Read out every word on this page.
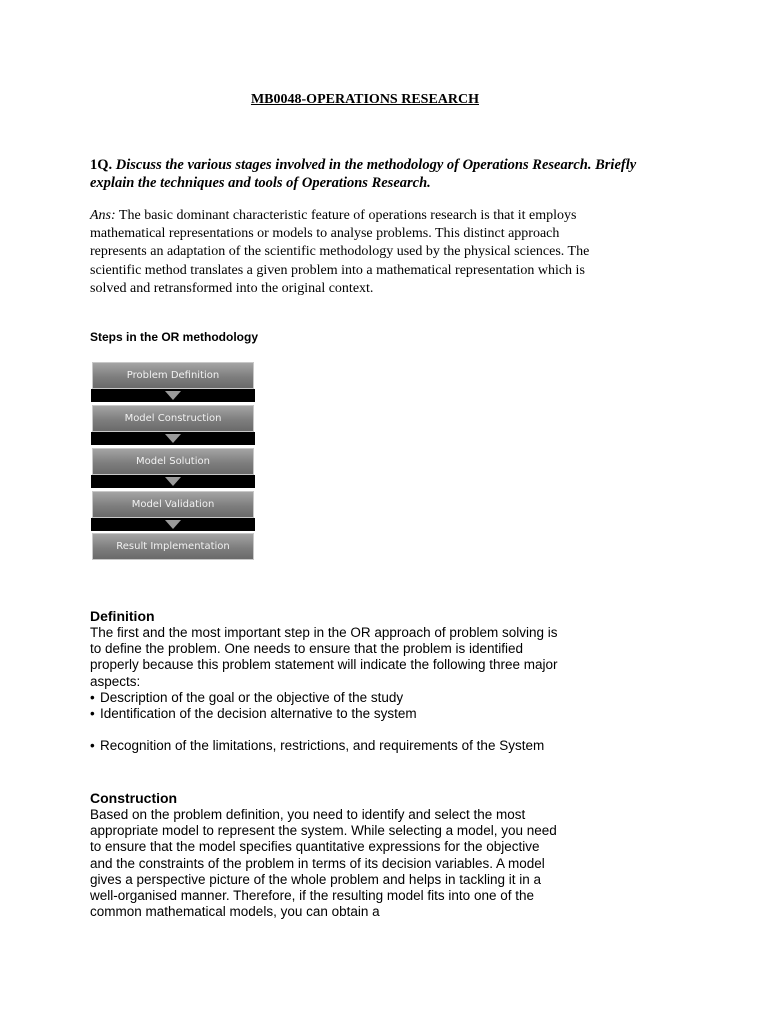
MB0048-OPERATIONS RESEARCH
1Q. Discuss the various stages involved in the methodology of Operations Research. Briefly explain the techniques and tools of Operations Research.
Ans: The basic dominant characteristic feature of operations research is that it employs mathematical representations or models to analyse problems. This distinct approach represents an adaptation of the scientific methodology used by the physical sciences. The scientific method translates a given problem into a mathematical representation which is solved and retransformed into the original context.
Steps in the OR methodology
Problem Definition
Model Construction
Model Solution
Model Validation
Result Implementation
Definition

The first and the most important step in the OR approach of problem solving is to define the problem. One needs to ensure that the problem is identified properly because this problem statement will indicate the following three major aspects:

• Description of the goal or the objective of the study
• Identification of the decision alternative to the system
• Recognition of the limitations, restrictions, and requirements of the System
Construction

Based on the problem definition, you need to identify and select the most appropriate model to represent the system. While selecting a model, you need to ensure that the model specifies quantitative expressions for the objective and the constraints of the problem in terms of its decision variables. A model gives a perspective picture of the whole problem and helps in tackling it in a well-organised manner. Therefore, if the resulting model fits into one of the common mathematical models, you can obtain a
